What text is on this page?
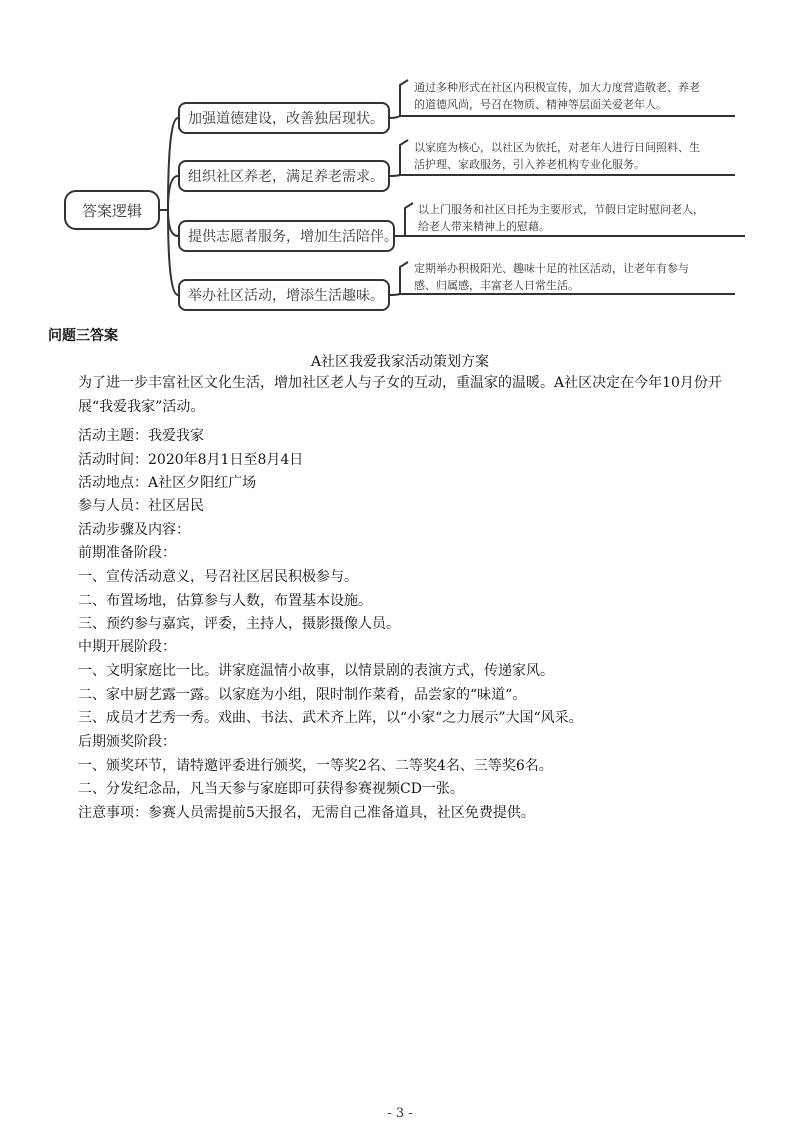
答案逻辑
加强道德建设，改善独居现状。
组织社区养老，满足养老需求。
提供志愿者服务，增加生活陪伴。
举办社区活动，增添生活趣味。
通过多种形式在社区内积极宣传，加大力度营造敬老、养老
的道德风尚，号召在物质、精神等层面关爱老年人。
以家庭为核心，以社区为依托，对老年人进行日间照料、生
活护理、家政服务，引入养老机构专业化服务。
以上门服务和社区日托为主要形式，节假日定时慰问老人，
给老人带来精神上的慰藉。
定期举办积极阳光、趣味十足的社区活动，让老年有参与
感、归属感，丰富老人日常生活。
问题三答案
A社区我爱我家活动策划方案
为了进一步丰富社区文化生活，增加社区老人与子女的互动，重温家的温暖。A社区决定在今年10月份开展“我爱我家”活动。
活动主题：我爱我家
活动时间：2020年8月1日至8月4日
活动地点：A社区夕阳红广场
参与人员：社区居民
活动步骤及内容：
前期准备阶段：
一、宣传活动意义，号召社区居民积极参与。
二、布置场地，估算参与人数，布置基本设施。
三、预约参与嘉宾，评委，主持人，摄影摄像人员。
中期开展阶段：
一、文明家庭比一比。讲家庭温情小故事，以情景剧的表演方式，传递家风。
二、家中厨艺露一露。以家庭为小组，限时制作菜肴，品尝家的“味道“。
三、成员才艺秀一秀。戏曲、书法、武术齐上阵，以“小家“之力展示”大国“风采。
后期颁奖阶段：
一、颁奖环节，请特邀评委进行颁奖，一等奖2名、二等奖4名、三等奖6名。
二、分发纪念品，凡当天参与家庭即可获得参赛视频CD一张。
注意事项：参赛人员需提前5天报名，无需自己准备道具，社区免费提供。
- 3 -
